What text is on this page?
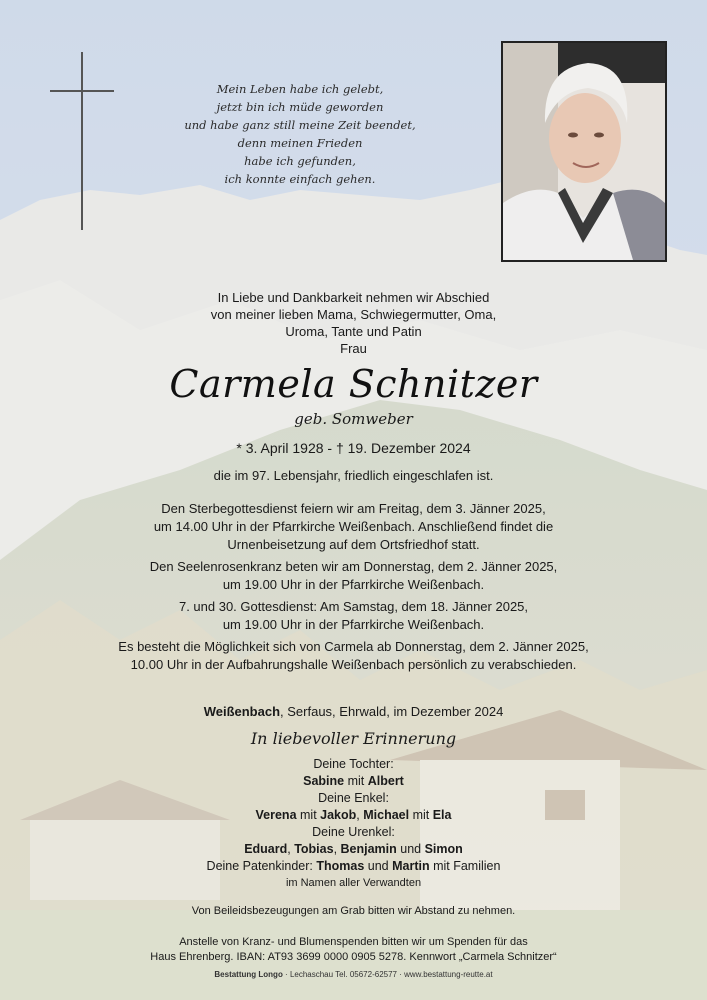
Mein Leben habe ich gelebt,
jetzt bin ich müde geworden
und habe ganz still meine Zeit beendet,
denn meinen Frieden
habe ich gefunden,
ich konnte einfach gehen.
In Liebe und Dankbarkeit nehmen wir Abschied
von meiner lieben Mama, Schwiegermutter, Oma,
Uroma, Tante und Patin
Frau
Carmela Schnitzer
geb. Somweber
* 3. April 1928 - † 19. Dezember 2024
die im 97. Lebensjahr, friedlich eingeschlafen ist.
Den Sterbegottesdienst feiern wir am Freitag, dem 3. Jänner 2025,
um 14.00 Uhr in der Pfarrkirche Weißenbach. Anschließend findet die
Urnenbeisetzung auf dem Ortsfriedhof statt.
Den Seelenrosenkranz beten wir am Donnerstag, dem 2. Jänner 2025,
um 19.00 Uhr in der Pfarrkirche Weißenbach.
7. und 30. Gottesdienst: Am Samstag, dem 18. Jänner 2025,
um 19.00 Uhr in der Pfarrkirche Weißenbach.
Es besteht die Möglichkeit sich von Carmela ab Donnerstag, dem 2. Jänner 2025,
10.00 Uhr in der Aufbahrungshalle Weißenbach persönlich zu verabschieden.
Weißenbach, Serfaus, Ehrwald, im Dezember 2024
In liebevoller Erinnerung
Deine Tochter:
Sabine mit Albert
Deine Enkel:
Verena mit Jakob, Michael mit Ela
Deine Urenkel:
Eduard, Tobias, Benjamin und Simon
Deine Patenkinder: Thomas und Martin mit Familien
im Namen aller Verwandten
Von Beileidsbezeugungen am Grab bitten wir Abstand zu nehmen.
Anstelle von Kranz- und Blumenspenden bitten wir um Spenden für das
Haus Ehrenberg. IBAN: AT93 3699 0000 0905 5278. Kennwort „Carmela Schnitzer“
Bestattung Longo · Lechaschau Tel. 05672-62577 · www.bestattung-reutte.at
